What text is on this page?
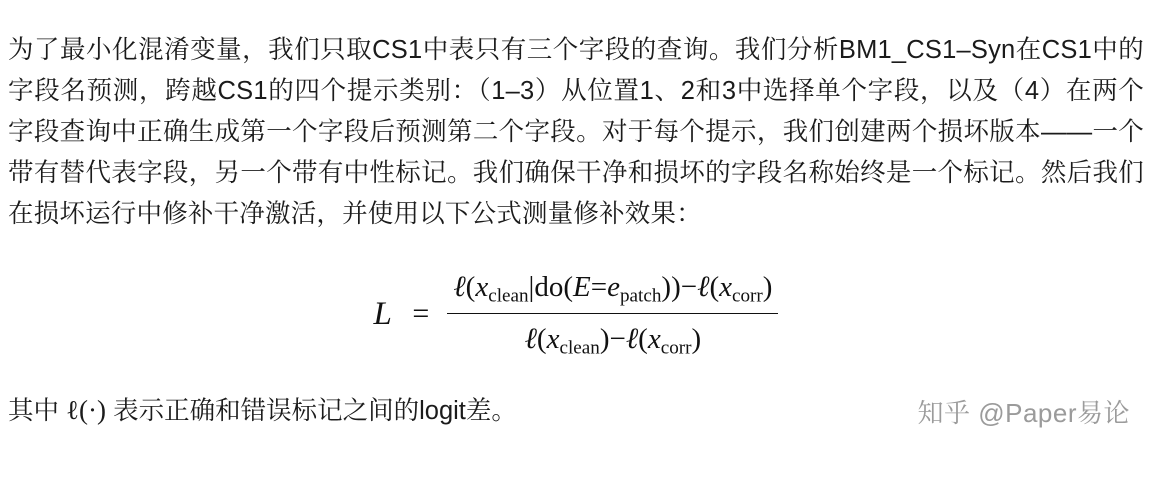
为了最小化混淆变量，我们只取CS1中表只有三个字段的查询。我们分析BM1_CS1–Syn在CS1中的字段名预测，跨越CS1的四个提示类别：（1–3）从位置1、2和3中选择单个字段，以及（4）在两个字段查询中正确生成第一个字段后预测第二个字段。对于每个提示，我们创建两个损坏版本——一个带有替代表字段，另一个带有中性标记。我们确保干净和损坏的字段名称始终是一个标记。然后我们在损坏运行中修补干净激活，并使用以下公式测量修补效果：

$L = \frac{\ell(x_{clean}|do(E=e_{patch}))-\ell(x_{corr})}{\ell(x_{clean})-\ell(x_{corr})}$

其中 ℓ(·) 表示正确和错误标记之间的logit差。	知乎 @Paper易论
